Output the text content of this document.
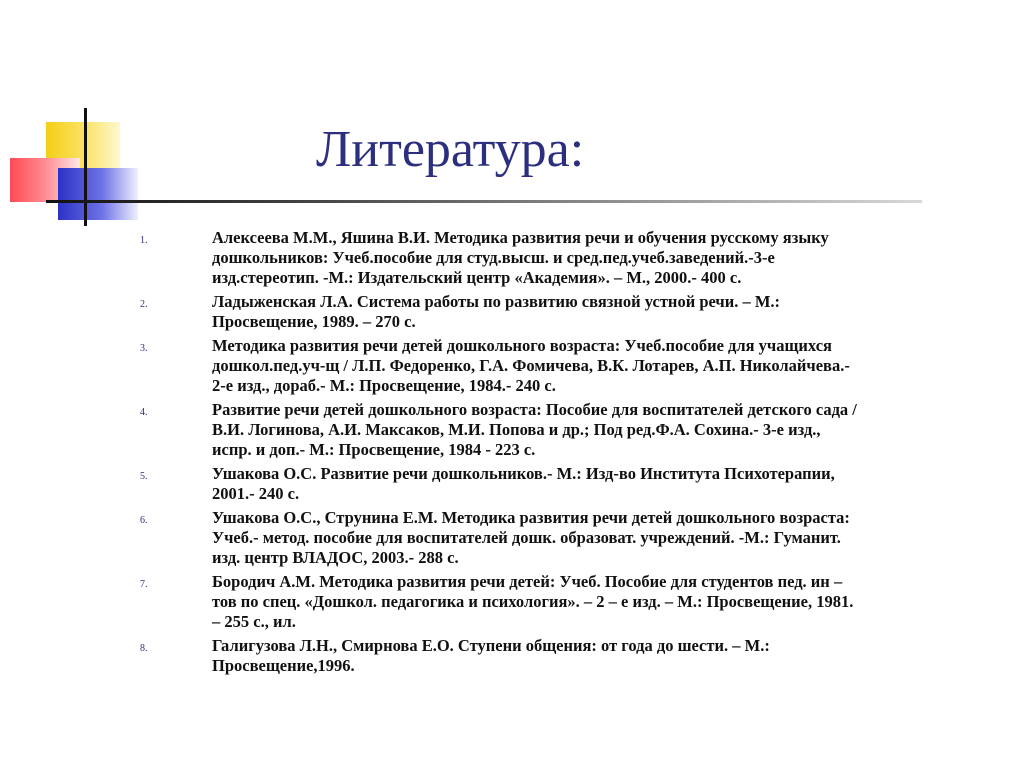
Литература:
1.	Алексеева М.М., Яшина В.И. Методика развития речи и обучения русскому языку
дошкольников: Учеб.пособие для студ.высш. и сред.пед.учеб.заведений.-3-е
изд.стереотип. -М.: Издательский центр «Академия». – М., 2000.- 400 с.
2.	Ладыженская Л.А. Система работы по развитию связной устной речи. – М.:
Просвещение, 1989. – 270 с.
3.	Методика развития речи детей дошкольного возраста: Учеб.пособие для учащихся
дошкол.пед.уч-щ / Л.П. Федоренко, Г.А. Фомичева, В.К. Лотарев, А.П. Николайчева.-
2-е изд., дораб.- М.: Просвещение, 1984.- 240 с.
4.	Развитие речи детей дошкольного возраста: Пособие для воспитателей детского сада /
В.И. Логинова, А.И. Максаков, М.И. Попова и др.; Под ред.Ф.А. Сохина.- 3-е изд.,
испр. и доп.- М.: Просвещение, 1984 - 223 с.
5.	Ушакова О.С. Развитие речи дошкольников.- М.: Изд-во Института Психотерапии,
2001.- 240 с.
6.	Ушакова О.С., Струнина Е.М. Методика развития речи детей дошкольного возраста:
Учеб.- метод. пособие для воспитателей дошк. образоват. учреждений. -М.: Гуманит.
изд. центр ВЛАДОС, 2003.- 288 с.
7.	Бородич А.М. Методика развития речи детей: Учеб. Пособие для студентов пед. ин –
тов по спец. «Дошкол. педагогика и психология». – 2 – е изд. – М.: Просвещение, 1981.
– 255 с., ил.
8.	Галигузова Л.Н., Смирнова Е.О. Ступени общения: от года до шести. – М.:
Просвещение,1996.
